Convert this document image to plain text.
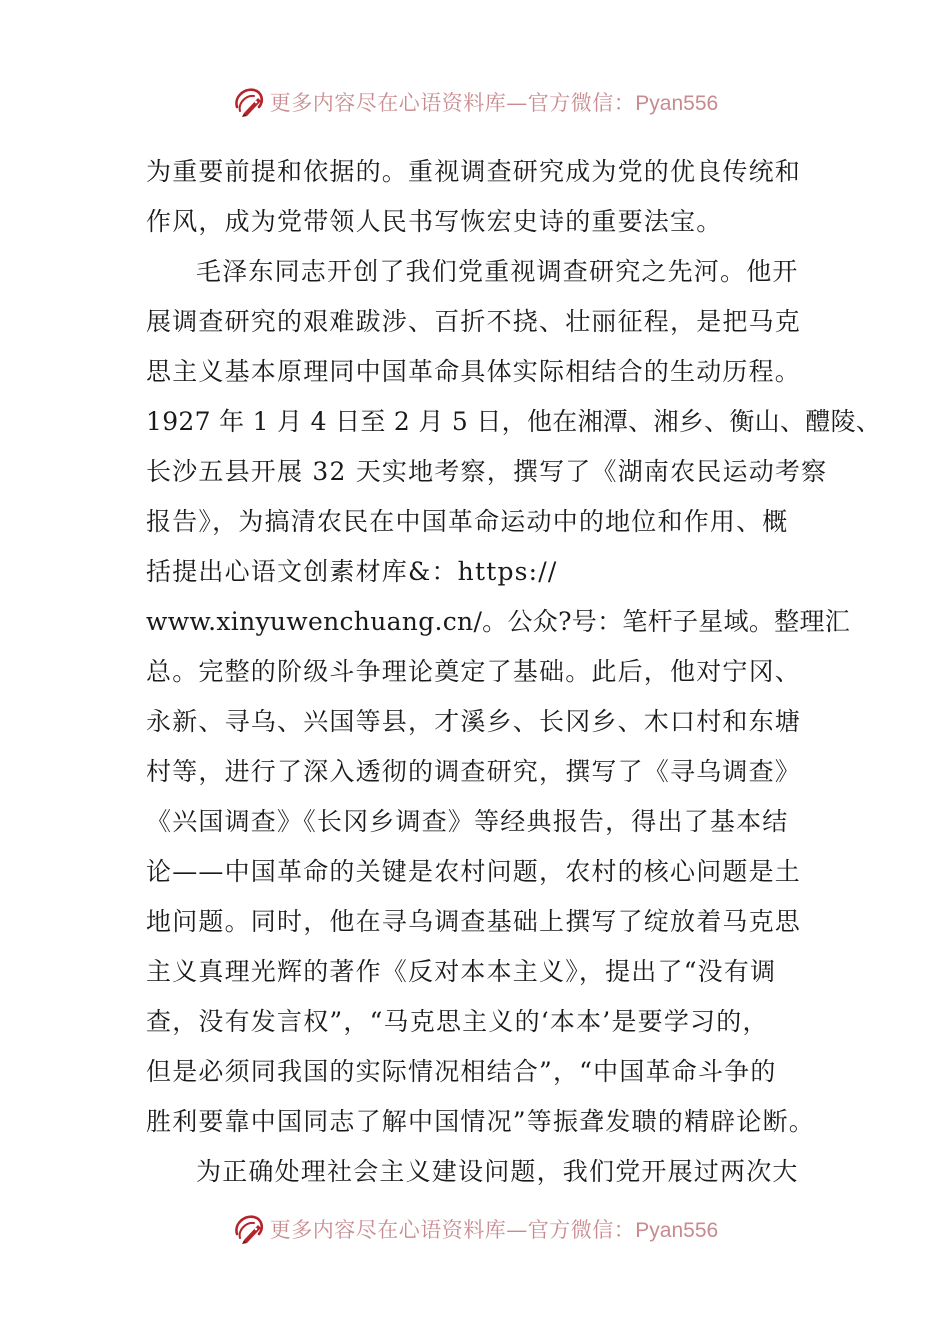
更多内容尽在心语资料库—官方微信：Pyan556
为重要前提和依据的。重视调查研究成为党的优良传统和
作风，成为党带领人民书写恢宏史诗的重要法宝。
毛泽东同志开创了我们党重视调查研究之先河。他开
展调查研究的艰难跋涉、百折不挠、壮丽征程，是把马克
思主义基本原理同中国革命具体实际相结合的生动历程。
1927 年 1 月 4 日至 2 月 5 日，他在湘潭、湘乡、衡山、醴陵、
长沙五县开展 32 天实地考察，撰写了《湖南农民运动考察
报告》，为搞清农民在中国革命运动中的地位和作用、概
括提出心语文创素材库&：https://
www.xinyuwenchuang.cn/。公众?号：笔杆子星域。整理汇
总。完整的阶级斗争理论奠定了基础。此后，他对宁冈、
永新、寻乌、兴国等县，才溪乡、长冈乡、木口村和东塘
村等，进行了深入透彻的调查研究，撰写了《寻乌调查》
《兴国调查》《长冈乡调查》等经典报告，得出了基本结
论——中国革命的关键是农村问题，农村的核心问题是土
地问题。同时，他在寻乌调查基础上撰写了绽放着马克思
主义真理光辉的著作《反对本本主义》，提出了“没有调
查，没有发言权”，“马克思主义的‘本本’是要学习的，
但是必须同我国的实际情况相结合”，“中国革命斗争的
胜利要靠中国同志了解中国情况”等振聋发聩的精辟论断。
为正确处理社会主义建设问题，我们党开展过两次大
更多内容尽在心语资料库—官方微信：Pyan556
